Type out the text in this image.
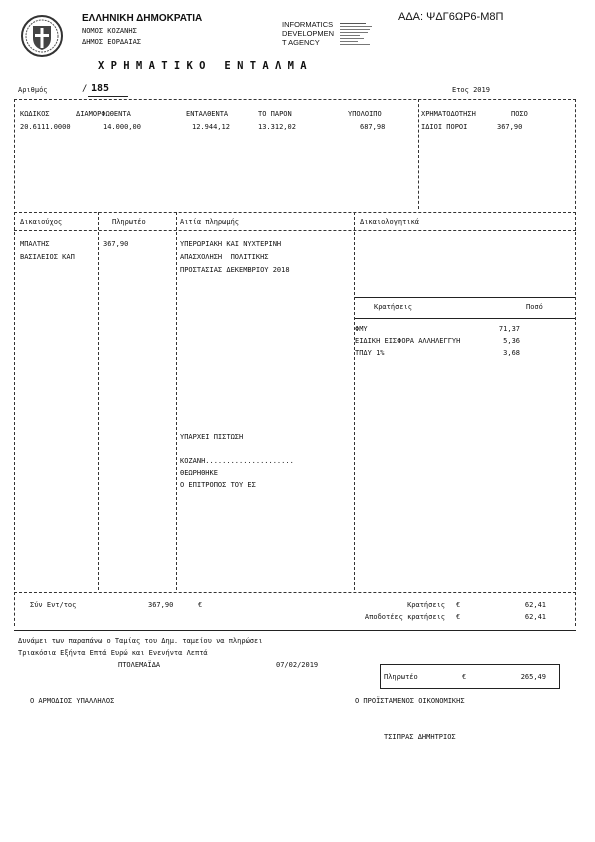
ΕΛΛΗΝΙΚΗ ΔΗΜΟΚΡΑΤΙΑ
ΝΟΜΟΣ ΚΟΖΑΝΗΣ
ΔΗΜΟΣ ΕΟΡΔΑΙΑΣ
INFORMATICS
DEVELOPMEN
T AGENCY
ΑΔΑ: ΨΔΓ6ΩΡ6-Μ8Π
Χ Ρ Η Μ Α Τ Ι Κ Ο   Ε Ν Τ Α Λ Μ Α
Αριθμός	/ 185	Ετος 2019
ΚΩΔΙΚΟΣ	ΔΙΑΜΟΡΦΩΘΕΝΤΑ	ΕΝΤΑΛΘΕΝΤΑ	ΤΟ ΠΑΡΟΝ	ΥΠΟΛΟΙΠΟ	ΧΡΗΜΑΤΟΔΟΤΗΣΗ	ΠΟΣΟ
20.6111.0000	14.000,00	12.944,12	13.312,02	687,98	ΙΔΙΟΙ ΠΟΡΟΙ	367,90
Δικαιούχος	Πληρωτέο	Αιτία πληρωμής	Δικαιολογητικά
ΜΠΑΛΤΗΣ
ΒΑΣΙΛΕΙΟΣ ΚΑΠ
367,90	ΥΠΕΡΩΡΙΑΚΗ ΚΑΙ ΝΥΧΤΕΡΙΝΗ
ΑΠΑΣΧΟΛΗΣΗ  ΠΟΛΙΤΙΚΗΣ
ΠΡΟΣΤΑΣΙΑΣ ΔΕΚΕΜΒΡΙΟΥ 2018
ΥΠΑΡΧΕΙ ΠΙΣΤΩΣΗ
ΚΟΖΑΝΗ.....................
ΘΕΩΡΗΘΗΚΕ
Ο ΕΠΙΤΡΟΠΟΣ ΤΟΥ ΕΣ
Κρατήσεις	Ποσό
ΦΜΥ	71,37
ΕΙΔΙΚΗ ΕΙΣΦΟΡΑ ΑΛΛΗΛΕΓΓΥΗ	5,36
ΤΠΔΥ 1%	3,68
Σύν Εντ/τος	367,90	€	Κρατήσεις €	62,41
Αποδοτέες κρατήσεις €	62,41
Δυνάμει των παραπάνω ο Ταμίας του Δημ. ταμείου να πληρώσει
Τριακόσια Εξήντα Επτά Ευρώ και Ενενήντα Λεπτά
ΠΤΟΛΕΜΑΪΔΑ	07/02/2019
Πληρωτέο	€	265,49
Ο ΑΡΜΟΔΙΟΣ ΥΠΑΛΛΗΛΟΣ	Ο ΠΡΟΪΣΤΑΜΕΝΟΣ ΟΙΚΟΝΟΜΙΚΗΣ
ΤΣΙΠΡΑΣ ΔΗΜΗΤΡΙΟΣ
